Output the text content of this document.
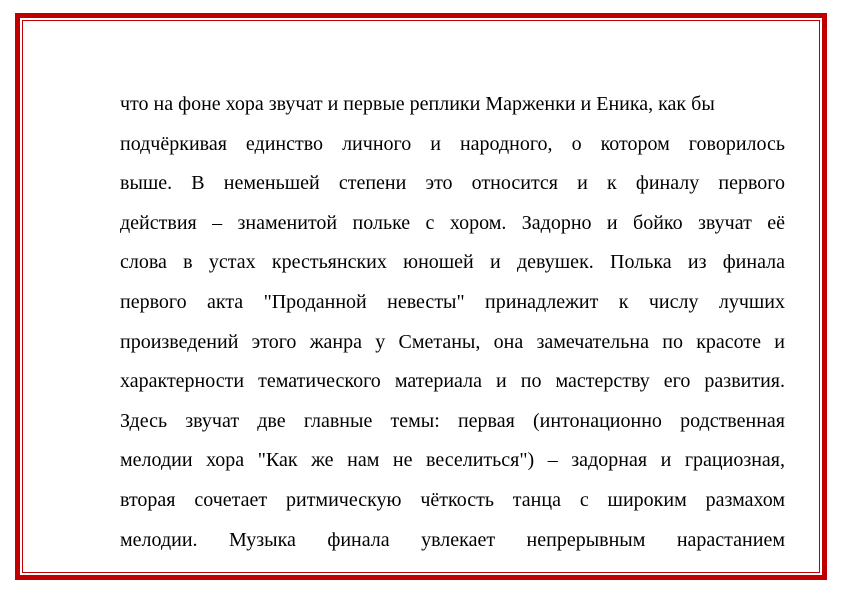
что на фоне хора звучат и первые реплики Марженки и Еника, как бы
подчёркивая единство личного и народного, о котором говорилось
выше. В неменьшей степени это относится и к финалу первого
действия – знаменитой польке с хором. Задорно и бойко звучат её
слова в устах крестьянских юношей и девушек. Полька из финала
первого акта "Проданной невесты" принадлежит к числу лучших
произведений этого жанра у Сметаны, она замечательна по красоте и
характерности тематического материала и по мастерству его развития.
Здесь звучат две главные темы: первая (интонационно родственная
мелодии хора "Как же нам не веселиться") – задорная и грациозная,
вторая сочетает ритмическую чёткость танца с широким размахом
мелодии. Музыка финала увлекает непрерывным нарастанием
